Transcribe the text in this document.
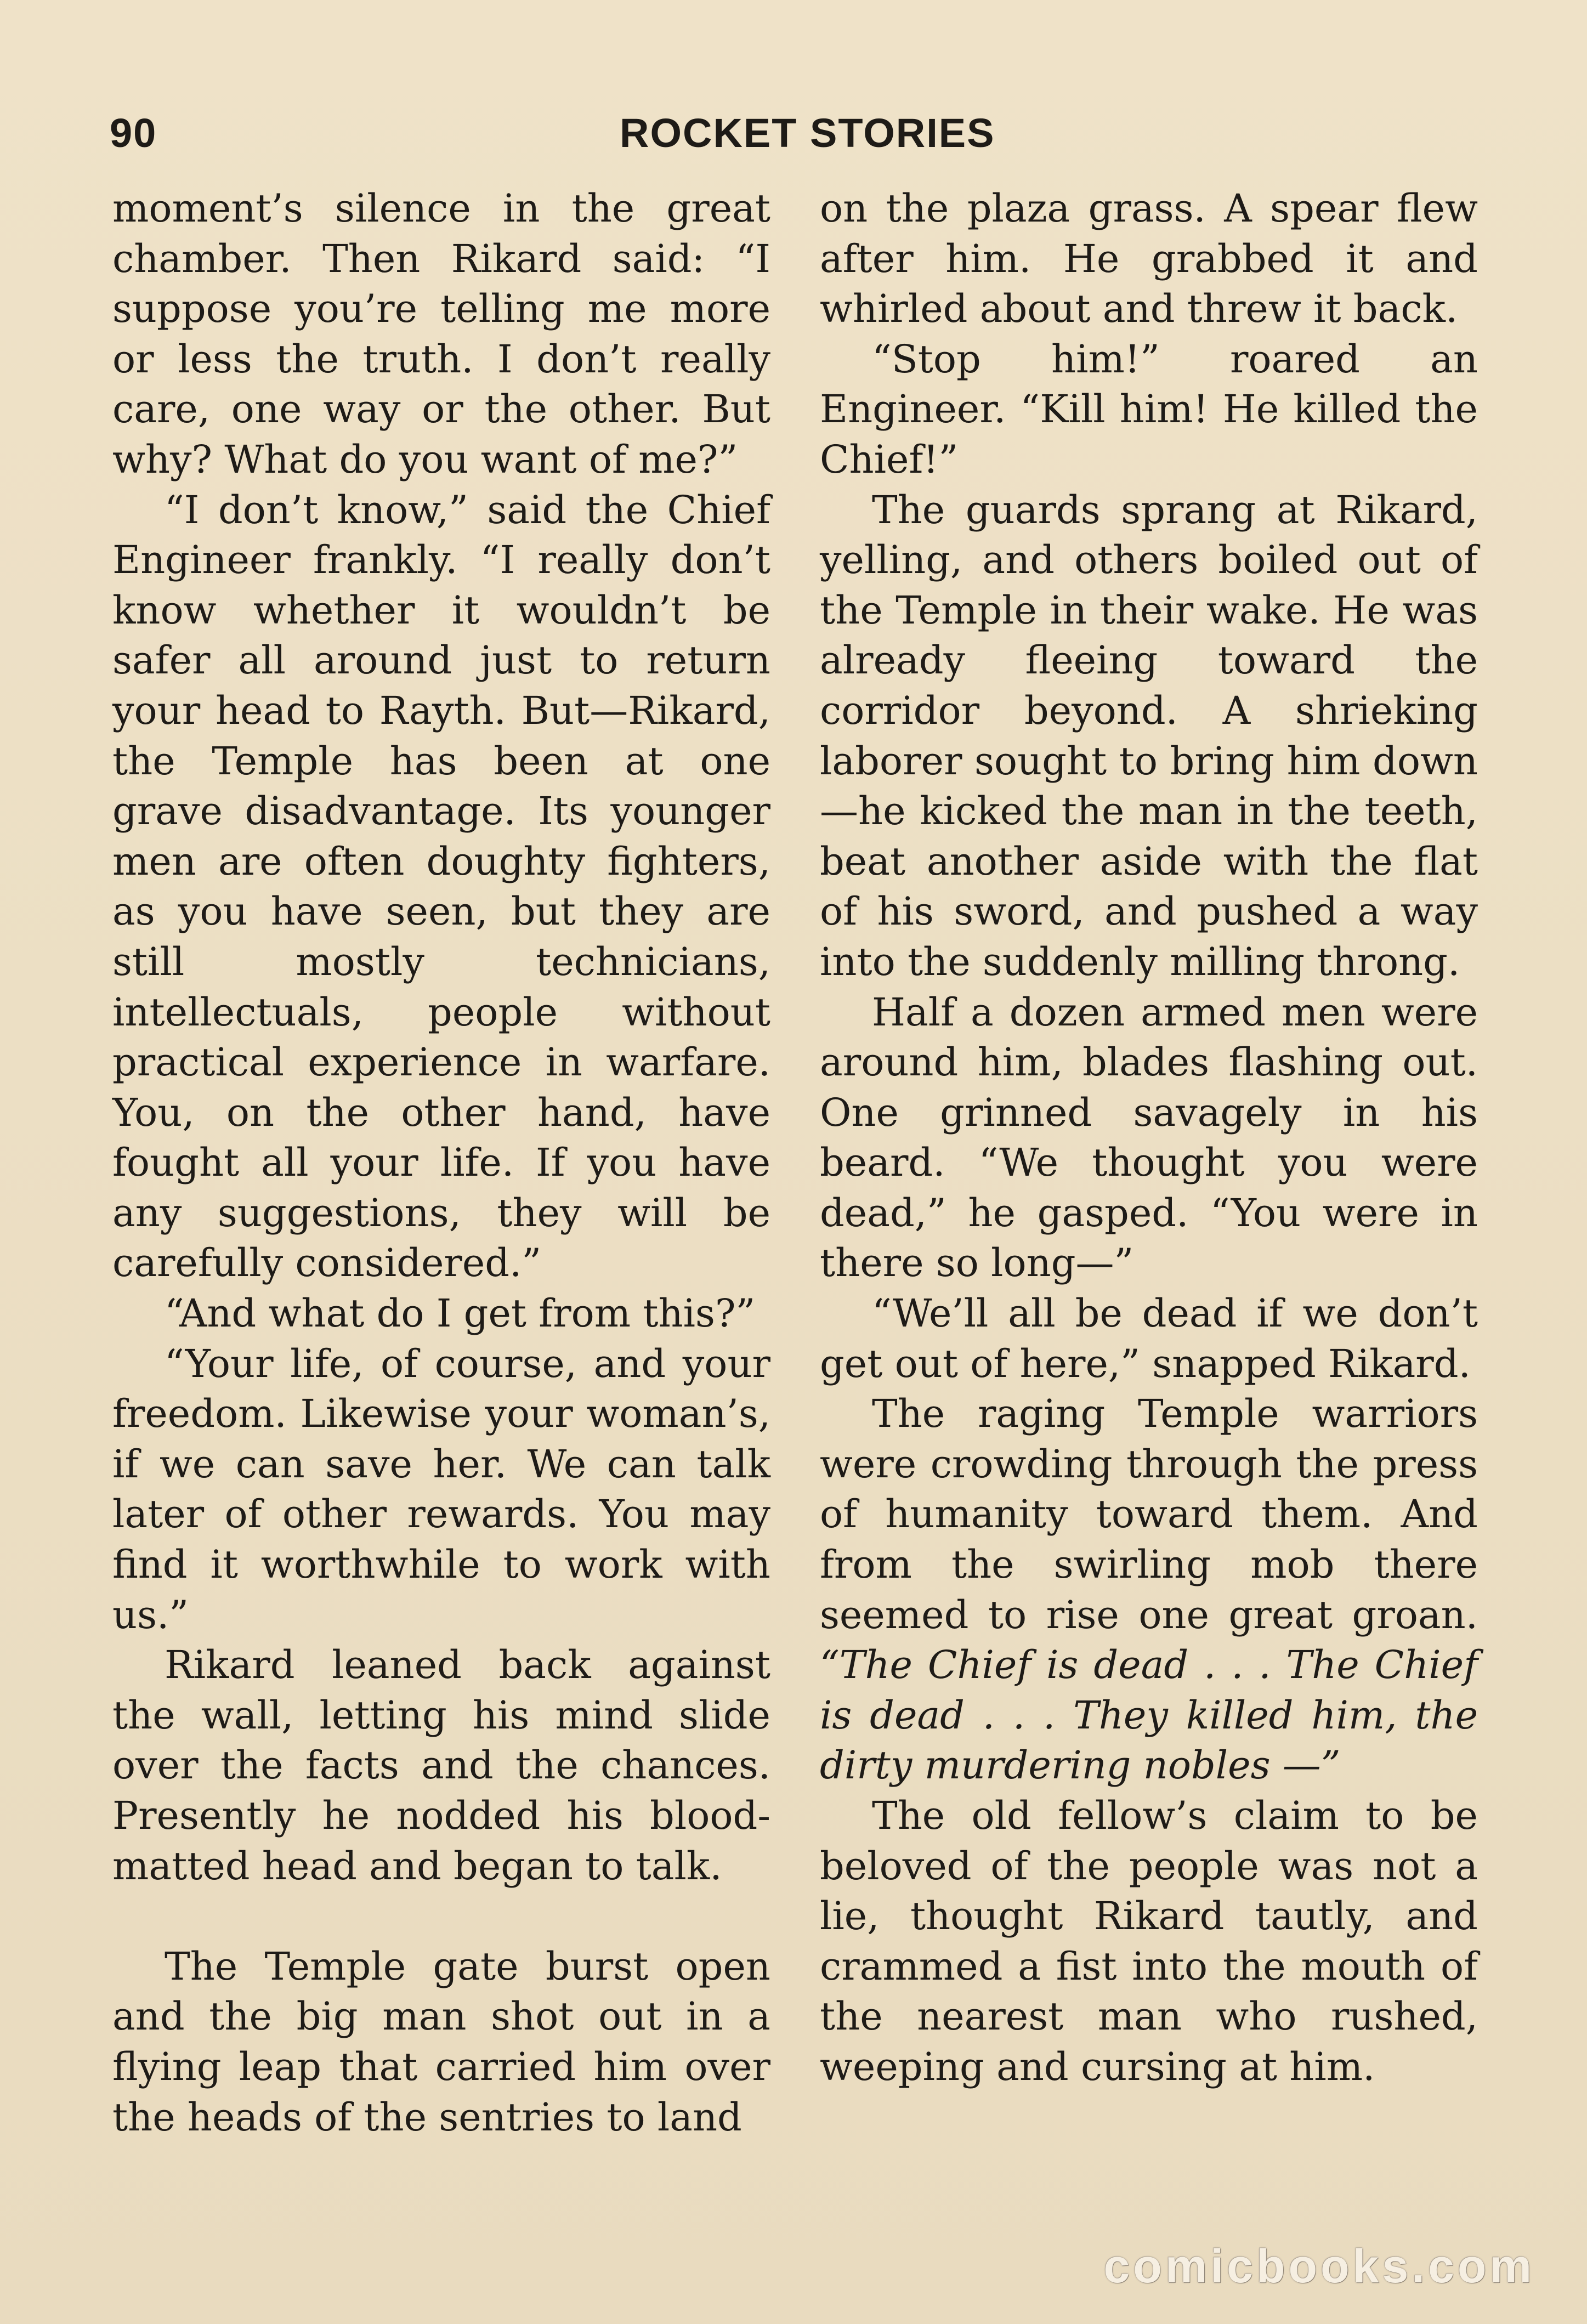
90	ROCKET STORIES

moment’s silence in the great chamber. Then Rikard said: “I suppose you’re telling me more or less the truth. I don’t really care, one way or the other. But why? What do you want of me?”

“I don’t know,” said the Chief Engineer frankly. “I really don’t know whether it wouldn’t be safer all around just to return your head to Rayth. But—Rikard, the Temple has been at one grave disadvantage. Its younger men are often doughty fighters, as you have seen, but they are still mostly technicians, intellectuals, people without practical experience in warfare. You, on the other hand, have fought all your life. If you have any suggestions, they will be carefully considered.”

“And what do I get from this?”

“Your life, of course, and your freedom. Likewise your woman’s, if we can save her. We can talk later of other rewards. You may find it worthwhile to work with us.”

Rikard leaned back against the wall, letting his mind slide over the facts and the chances. Presently he nodded his blood-matted head and began to talk.

The Temple gate burst open and the big man shot out in a flying leap that carried him over the heads of the sentries to land

on the plaza grass. A spear flew after him. He grabbed it and whirled about and threw it back.

“Stop him!” roared an Engineer. “Kill him! He killed the Chief!”

The guards sprang at Rikard, yelling, and others boiled out of the Temple in their wake. He was already fleeing toward the corridor beyond. A shrieking laborer sought to bring him down—he kicked the man in the teeth, beat another aside with the flat of his sword, and pushed a way into the suddenly milling throng.

Half a dozen armed men were around him, blades flashing out. One grinned savagely in his beard. “We thought you were dead,” he gasped. “You were in there so long—”

“We’ll all be dead if we don’t get out of here,” snapped Rikard.

The raging Temple warriors were crowding through the press of humanity toward them. And from the swirling mob there seemed to rise one great groan. “The Chief is dead . . . The Chief is dead . . . They killed him, the dirty murdering nobles —”

The old fellow’s claim to be beloved of the people was not a lie, thought Rikard tautly, and crammed a fist into the mouth of the nearest man who rushed, weeping and cursing at him.

comicbooks.com
